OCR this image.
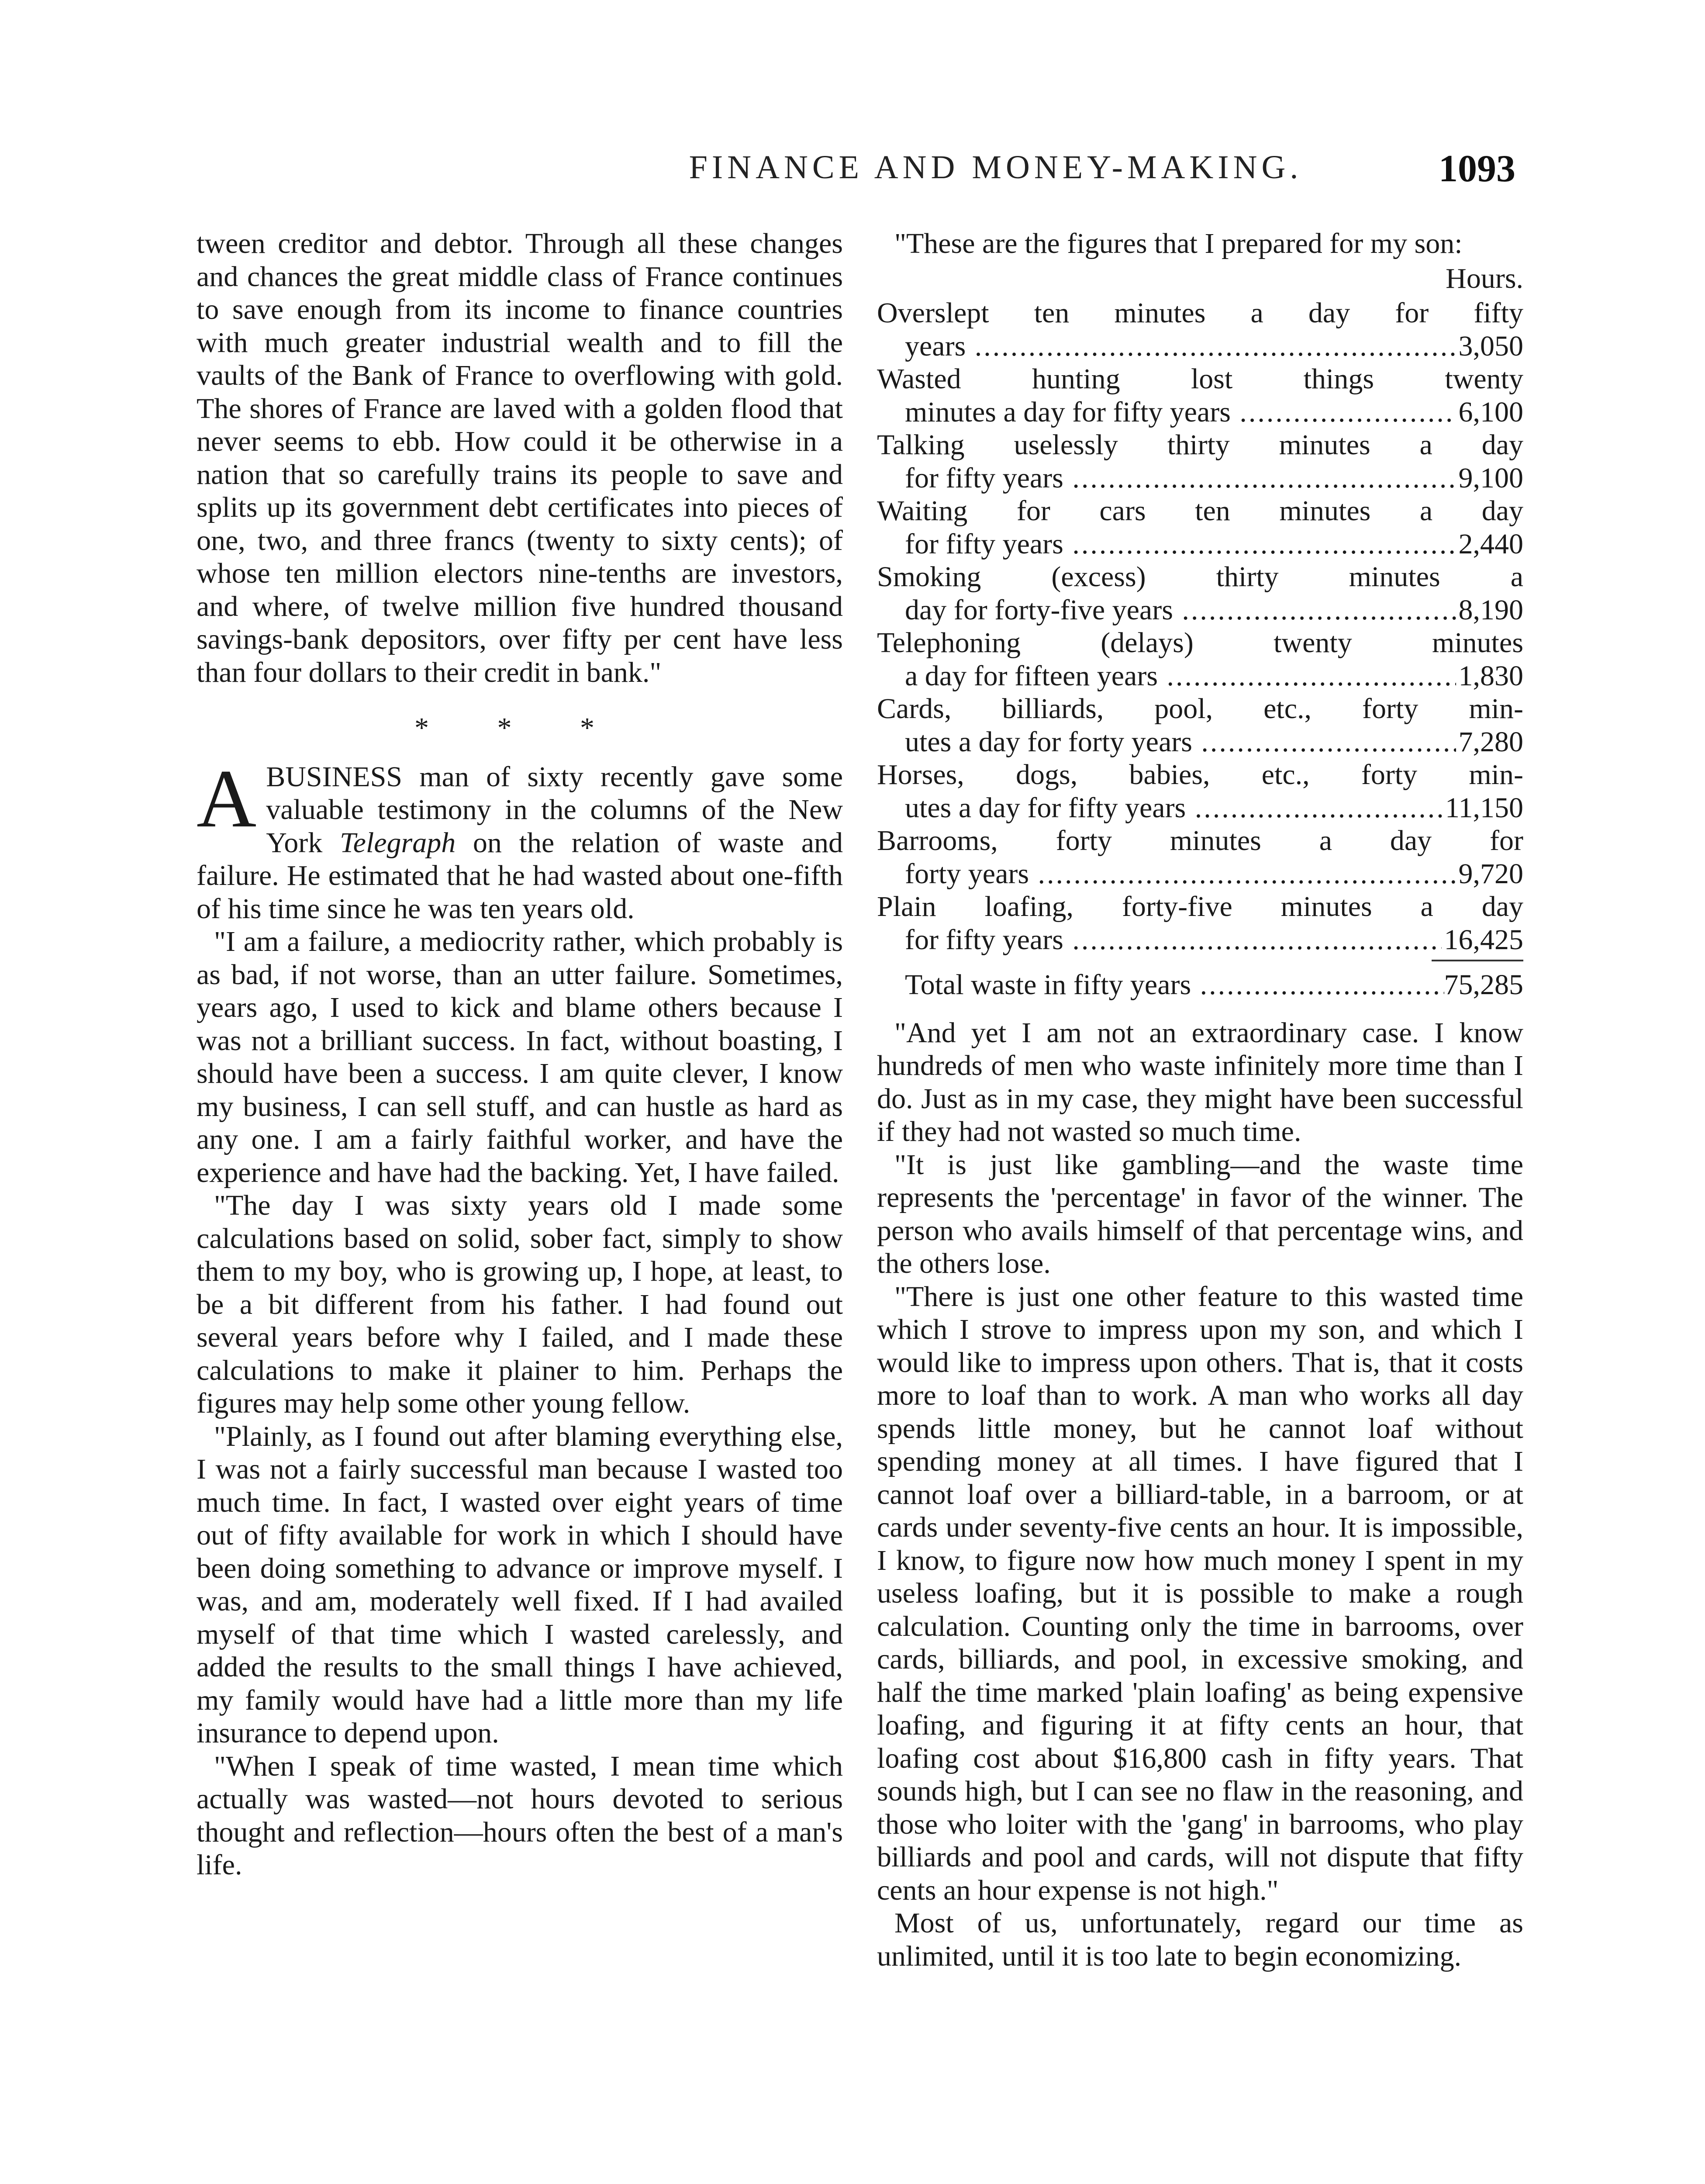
FINANCE AND MONEY-MAKING.	1093

tween creditor and debtor. Through all these changes and chances the great middle class of France continues to save enough from its income to finance countries with much greater industrial wealth and to fill the vaults of the Bank of France to overflowing with gold. The shores of France are laved with a golden flood that never seems to ebb. How could it be otherwise in a nation that so carefully trains its people to save and splits up its government debt certificates into pieces of one, two, and three francs (twenty to sixty cents); of whose ten million electors nine-tenths are investors, and where, of twelve million five hundred thousand savings-bank depositors, over fifty per cent have less than four dollars to their credit in bank."

* * *

ABUSINESS man of sixty recently gave some valuable testimony in the columns of the New York Telegraph on the relation of waste and failure. He estimated that he had wasted about one-fifth of his time since he was ten years old.

"I am a failure, a mediocrity rather, which probably is as bad, if not worse, than an utter failure. Sometimes, years ago, I used to kick and blame others because I was not a brilliant success. In fact, without boasting, I should have been a success. I am quite clever, I know my business, I can sell stuff, and can hustle as hard as any one. I am a fairly faithful worker, and have the experience and have had the backing. Yet, I have failed.

"The day I was sixty years old I made some calculations based on solid, sober fact, simply to show them to my boy, who is growing up, I hope, at least, to be a bit different from his father. I had found out several years before why I failed, and I made these calculations to make it plainer to him. Perhaps the figures may help some other young fellow.

"Plainly, as I found out after blaming everything else, I was not a fairly successful man because I wasted too much time. In fact, I wasted over eight years of time out of fifty available for work in which I should have been doing something to advance or improve myself. I was, and am, moderately well fixed. If I had availed myself of that time which I wasted carelessly, and added the results to the small things I have achieved, my family would have had a little more than my life insurance to depend upon.

"When I speak of time wasted, I mean time which actually was wasted—not hours devoted to serious thought and reflection—hours often the best of a man's life.

"These are the figures that I prepared for my son:

Hours.
Overslept ten minutes a day for fifty
years .....	3,050
Wasted hunting lost things twenty
minutes a day for fifty years .....	6,100
Talking uselessly thirty minutes a day
for fifty years .....	9,100
Waiting for cars ten minutes a day
for fifty years .....	2,440
Smoking (excess) thirty minutes a
day for forty-five years .....	8,190
Telephoning (delays) twenty minutes
a day for fifteen years .....	1,830
Cards, billiards, pool, etc., forty min-
utes a day for forty years .....	7,280
Horses, dogs, babies, etc., forty min-
utes a day for fifty years .....	11,150
Barrooms, forty minutes a day for
forty years .....	9,720
Plain loafing, forty-five minutes a day
for fifty years .....	16,425
Total waste in fifty years .....	75,285

"And yet I am not an extraordinary case. I know hundreds of men who waste infinitely more time than I do. Just as in my case, they might have been successful if they had not wasted so much time.

"It is just like gambling—and the waste time represents the 'percentage' in favor of the winner. The person who avails himself of that percentage wins, and the others lose.

"There is just one other feature to this wasted time which I strove to impress upon my son, and which I would like to impress upon others. That is, that it costs more to loaf than to work. A man who works all day spends little money, but he cannot loaf without spending money at all times. I have figured that I cannot loaf over a billiard-table, in a barroom, or at cards under seventy-five cents an hour. It is impossible, I know, to figure now how much money I spent in my useless loafing, but it is possible to make a rough calculation. Counting only the time in barrooms, over cards, billiards, and pool, in excessive smoking, and half the time marked 'plain loafing' as being expensive loafing, and figuring it at fifty cents an hour, that loafing cost about $16,800 cash in fifty years. That sounds high, but I can see no flaw in the reasoning, and those who loiter with the 'gang' in barrooms, who play billiards and pool and cards, will not dispute that fifty cents an hour expense is not high."

Most of us, unfortunately, regard our time as unlimited, until it is too late to begin economizing.
